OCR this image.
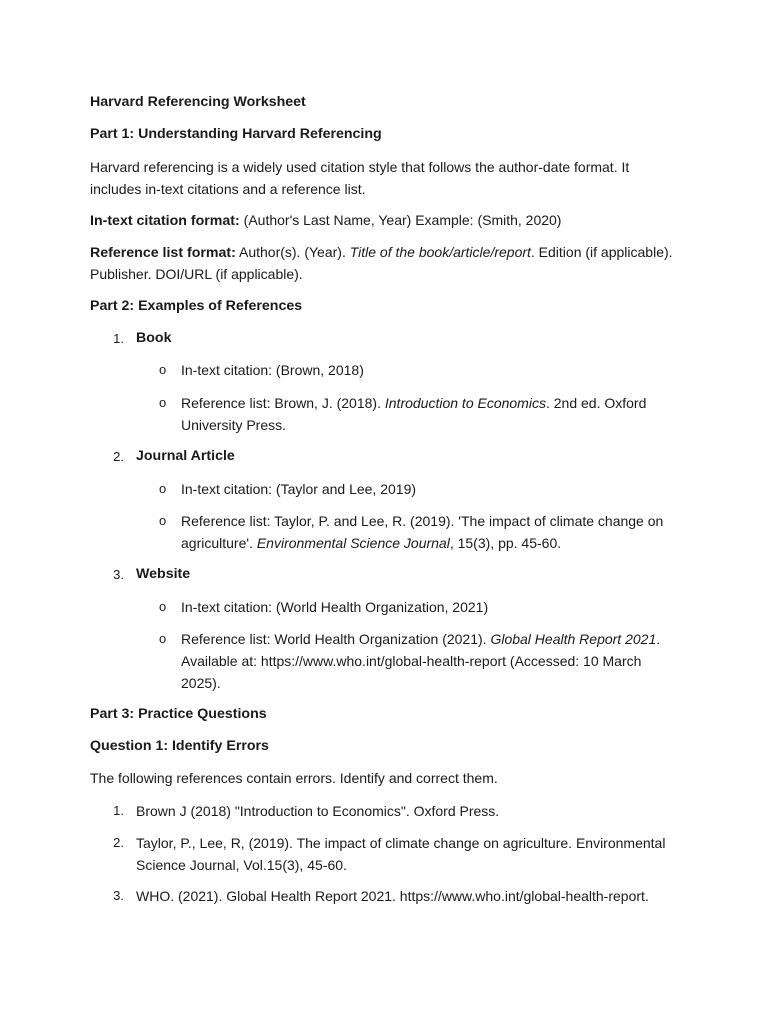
Harvard Referencing Worksheet
Part 1: Understanding Harvard Referencing
Harvard referencing is a widely used citation style that follows the author-date format. It
includes in-text citations and a reference list.
In-text citation format: (Author's Last Name, Year) Example: (Smith, 2020)
Reference list format: Author(s). (Year). Title of the book/article/report. Edition (if applicable).
Publisher. DOI/URL (if applicable).
Part 2: Examples of References
1. Book
o In-text citation: (Brown, 2018)
o Reference list: Brown, J. (2018). Introduction to Economics. 2nd ed. Oxford
University Press.
2. Journal Article
o In-text citation: (Taylor and Lee, 2019)
o Reference list: Taylor, P. and Lee, R. (2019). 'The impact of climate change on
agriculture'. Environmental Science Journal, 15(3), pp. 45-60.
3. Website
o In-text citation: (World Health Organization, 2021)
o Reference list: World Health Organization (2021). Global Health Report 2021.
Available at: https://www.who.int/global-health-report (Accessed: 10 March
2025).
Part 3: Practice Questions
Question 1: Identify Errors
The following references contain errors. Identify and correct them.
1. Brown J (2018) "Introduction to Economics". Oxford Press.
2. Taylor, P., Lee, R, (2019). The impact of climate change on agriculture. Environmental
Science Journal, Vol.15(3), 45-60.
3. WHO. (2021). Global Health Report 2021. https://www.who.int/global-health-report.
